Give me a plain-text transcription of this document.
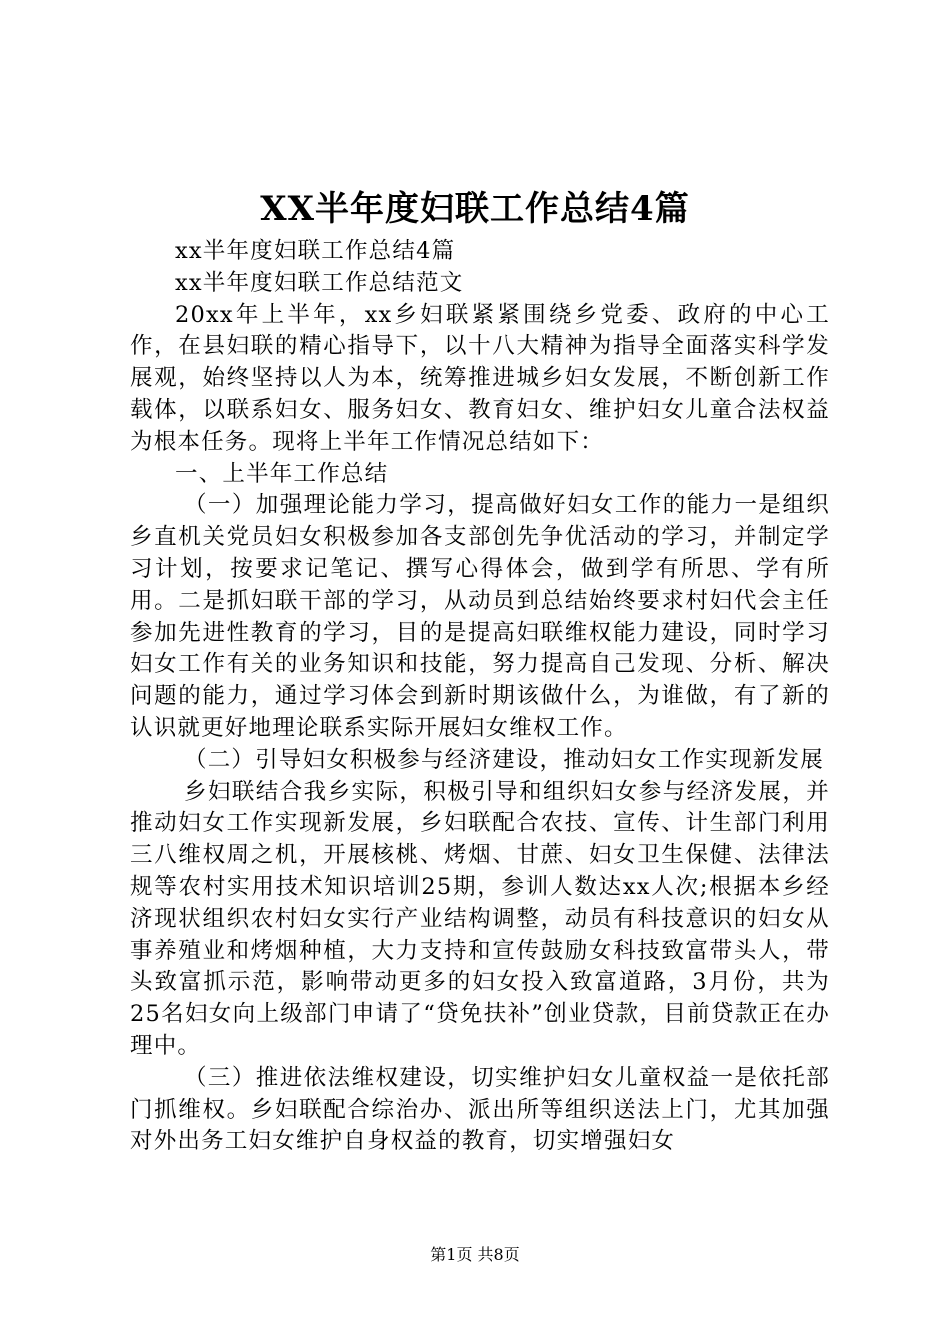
XX半年度妇联工作总结4篇

xx半年度妇联工作总结4篇

xx半年度妇联工作总结范文

20xx年上半年，xx乡妇联紧紧围绕乡党委、政府的中心工作，在县妇联的精心指导下，以十八大精神为指导全面落实科学发展观，始终坚持以人为本，统筹推进城乡妇女发展，不断创新工作载体，以联系妇女、服务妇女、教育妇女、维护妇女儿童合法权益为根本任务。现将上半年工作情况总结如下：

一、上半年工作总结

（一）加强理论能力学习，提高做好妇女工作的能力一是组织乡直机关党员妇女积极参加各支部创先争优活动的学习，并制定学习计划，按要求记笔记、撰写心得体会，做到学有所思、学有所用。二是抓妇联干部的学习，从动员到总结始终要求村妇代会主任参加先进性教育的学习，目的是提高妇联维权能力建设，同时学习妇女工作有关的业务知识和技能，努力提高自己发现、分析、解决问题的能力，通过学习体会到新时期该做什么，为谁做，有了新的认识就更好地理论联系实际开展妇女维权工作。

（二）引导妇女积极参与经济建设，推动妇女工作实现新发展

乡妇联结合我乡实际，积极引导和组织妇女参与经济发展，并推动妇女工作实现新发展，乡妇联配合农技、宣传、计生部门利用三八维权周之机，开展核桃、烤烟、甘蔗、妇女卫生保健、法律法规等农村实用技术知识培训25期，参训人数达xx人次;根据本乡经济现状组织农村妇女实行产业结构调整，动员有科技意识的妇女从事养殖业和烤烟种植，大力支持和宣传鼓励女科技致富带头人，带头致富抓示范，影响带动更多的妇女投入致富道路，3月份，共为25名妇女向上级部门申请了“贷免扶补”创业贷款，目前贷款正在办理中。

（三）推进依法维权建设，切实维护妇女儿童权益一是依托部门抓维权。乡妇联配合综治办、派出所等组织送法上门，尤其加强对外出务工妇女维护自身权益的教育，切实增强妇女

第1页 共8页
